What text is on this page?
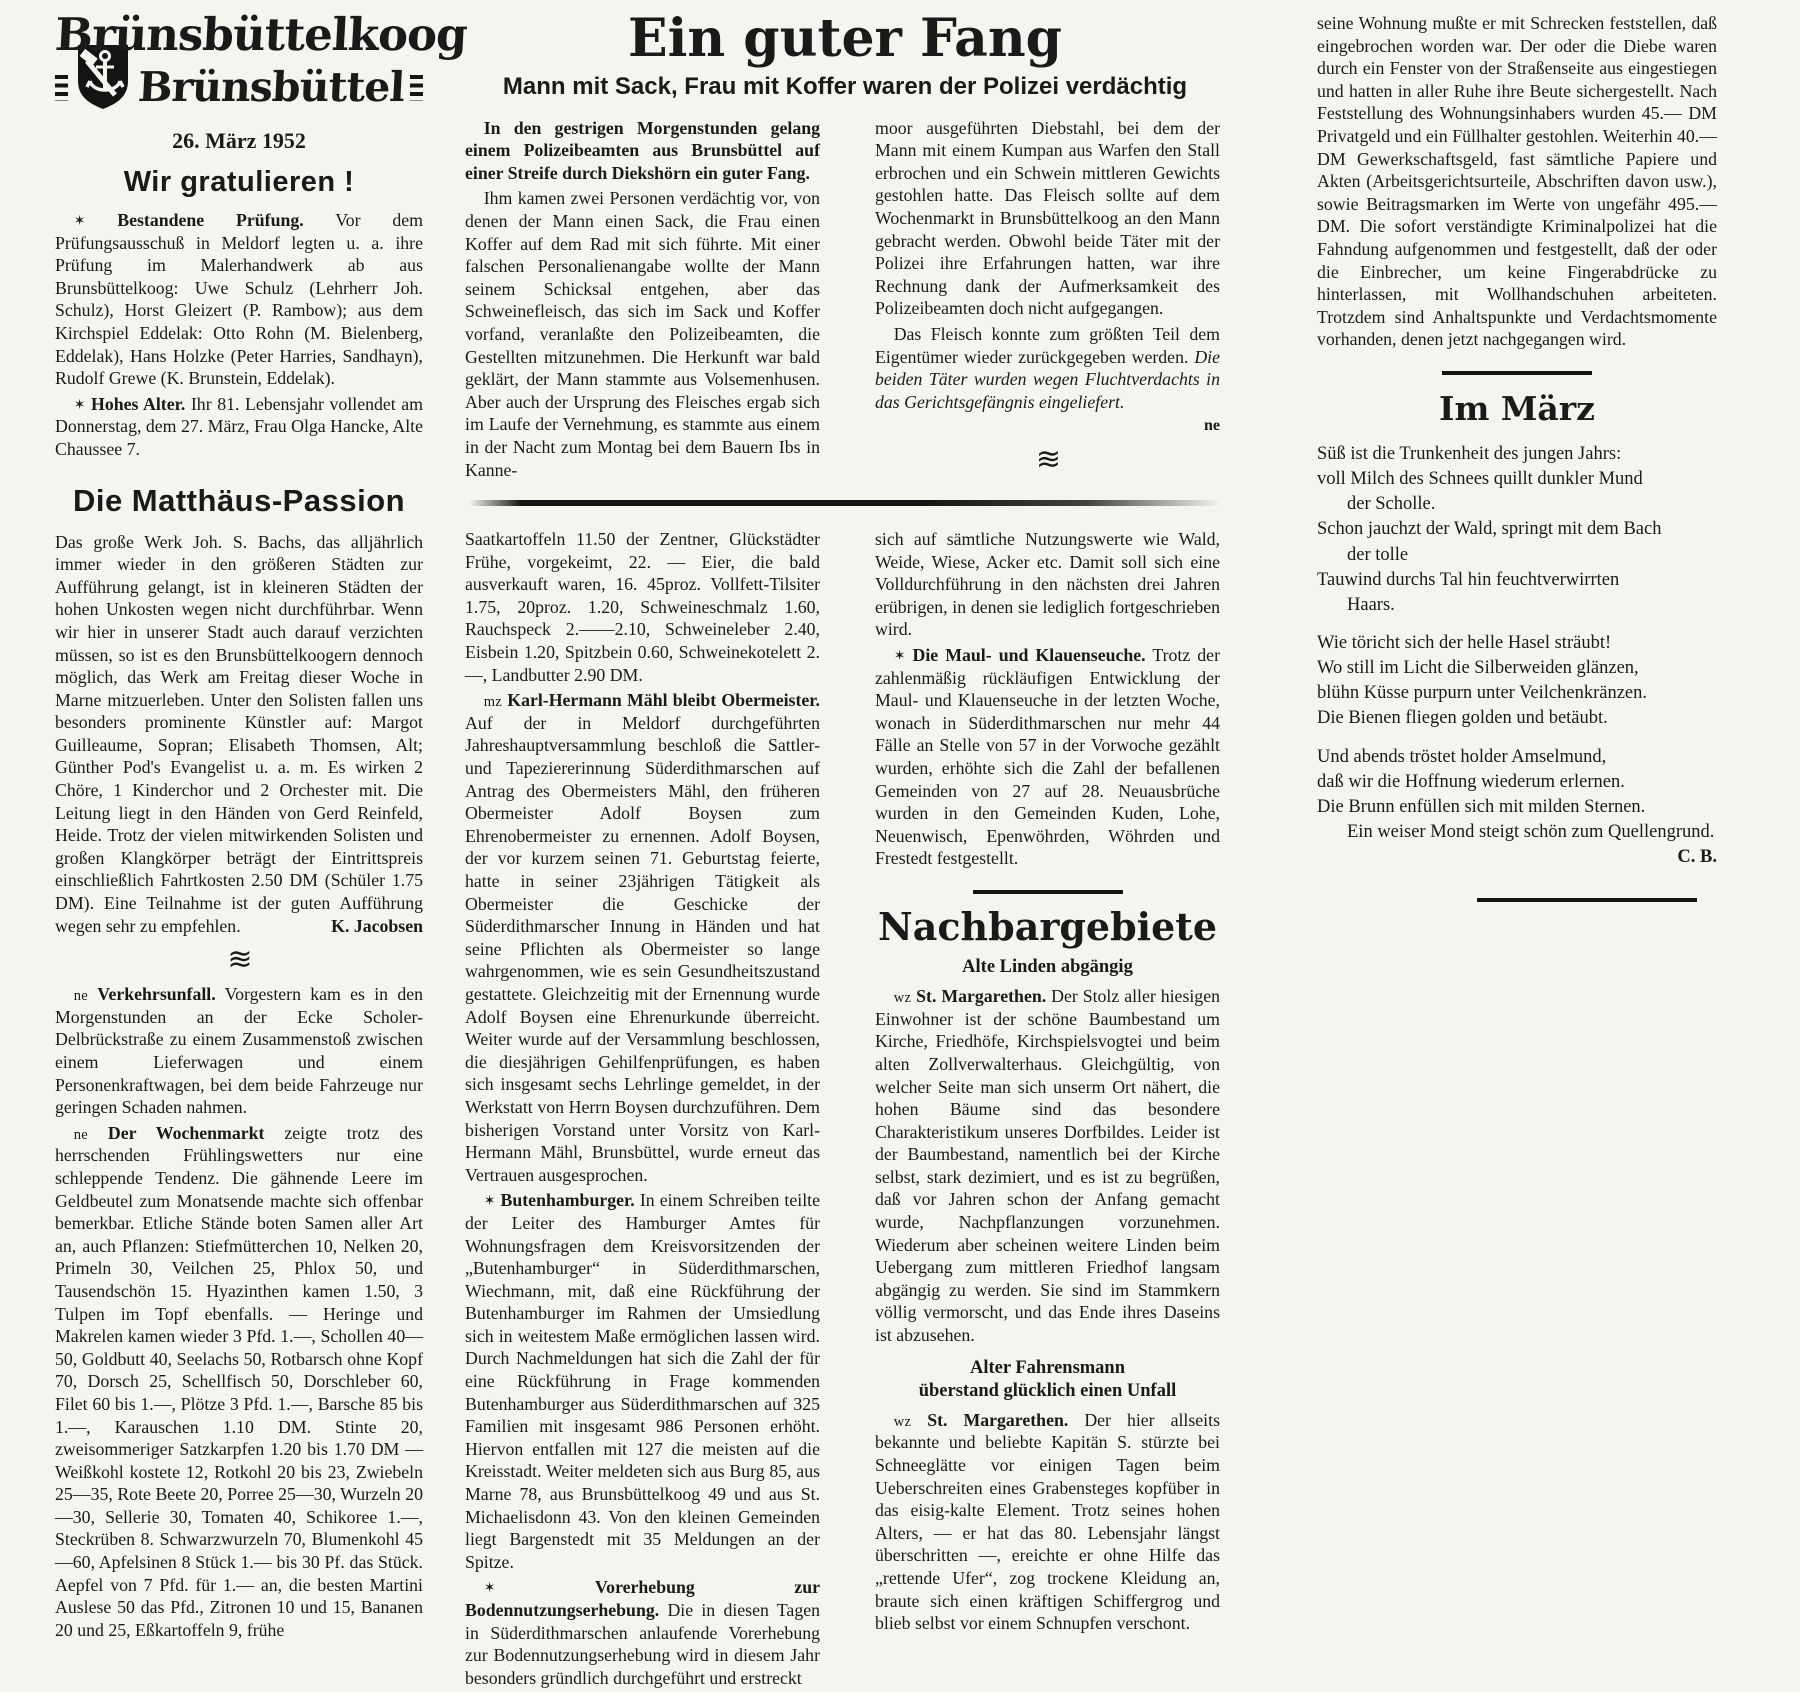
Brünsbüttelkoog
Brünsbüttel
26. März 1952
Wir gratulieren !

✶ Bestandene Prüfung. Vor dem Prüfungsausschuß in Meldorf legten u. a. ihre Prüfung im Malerhandwerk ab aus Brunsbüttelkoog: Uwe Schulz (Lehrherr Joh. Schulz), Horst Gleizert (P. Rambow); aus dem Kirchspiel Eddelak: Otto Rohn (M. Bielenberg, Eddelak), Hans Holzke (Peter Harries, Sandhayn), Rudolf Grewe (K. Brunstein, Eddelak).

✶ Hohes Alter. Ihr 81. Lebensjahr vollendet am Donnerstag, dem 27. März, Frau Olga Hancke, Alte Chaussee 7.

Die Matthäus-Passion

Das große Werk Joh. S. Bachs, das alljährlich immer wieder in den größeren Städten zur Aufführung gelangt, ist in kleineren Städten der hohen Unkosten wegen nicht durchführbar. Wenn wir hier in unserer Stadt auch darauf verzichten müssen, so ist es den Brunsbüttelkoogern dennoch möglich, das Werk am Freitag dieser Woche in Marne mitzuerleben. Unter den Solisten fallen uns besonders prominente Künstler auf: Margot Guilleaume, Sopran; Elisabeth Thomsen, Alt; Günther Pod's Evangelist u. a. m. Es wirken 2 Chöre, 1 Kinderchor und 2 Orchester mit. Die Leitung liegt in den Händen von Gerd Reinfeld, Heide. Trotz der vielen mitwirkenden Solisten und großen Klangkörper beträgt der Eintrittspreis einschließlich Fahrtkosten 2.50 DM (Schüler 1.75 DM). Eine Teilnahme ist der guten Aufführung wegen sehr zu empfehlen.	K. Jacobsen

≋

ne Verkehrsunfall. Vorgestern kam es in den Morgenstunden an der Ecke Scholer-Delbrückstraße zu einem Zusammenstoß zwischen einem Lieferwagen und einem Personenkraftwagen, bei dem beide Fahrzeuge nur geringen Schaden nahmen.

ne Der Wochenmarkt zeigte trotz des herrschenden Frühlingswetters nur eine schleppende Tendenz. Die gähnende Leere im Geldbeutel zum Monatsende machte sich offenbar bemerkbar. Etliche Stände boten Samen aller Art an, auch Pflanzen: Stiefmütterchen 10, Nelken 20, Primeln 30, Veilchen 25, Phlox 50, und Tausendschön 15. Hyazinthen kamen 1.50, 3 Tulpen im Topf ebenfalls. — Heringe und Makrelen kamen wieder 3 Pfd. 1.—, Schollen 40—50, Goldbutt 40, Seelachs 50, Rotbarsch ohne Kopf 70, Dorsch 25, Schellfisch 50, Dorschleber 60, Filet 60 bis 1.—, Plötze 3 Pfd. 1.—, Barsche 85 bis 1.—, Karauschen 1.10 DM. Stinte 20, zweisommeriger Satzkarpfen 1.20 bis 1.70 DM — Weißkohl kostete 12, Rotkohl 20 bis 23, Zwiebeln 25—35, Rote Beete 20, Porree 25—30, Wurzeln 20—30, Sellerie 30, Tomaten 40, Schikoree 1.—, Steckrüben 8. Schwarzwurzeln 70, Blumenkohl 45—60, Apfelsinen 8 Stück 1.— bis 30 Pf. das Stück. Aepfel von 7 Pfd. für 1.— an, die besten Martini Auslese 50 das Pfd., Zitronen 10 und 15, Bananen 20 und 25, Eßkartoffeln 9, frühe

Ein guter Fang
Mann mit Sack, Frau mit Koffer waren der Polizei verdächtig

In den gestrigen Morgenstunden gelang einem Polizeibeamten aus Brunsbüttel auf einer Streife durch Diekshörn ein guter Fang.

Ihm kamen zwei Personen verdächtig vor, von denen der Mann einen Sack, die Frau einen Koffer auf dem Rad mit sich führte. Mit einer falschen Personalienangabe wollte der Mann seinem Schicksal entgehen, aber das Schweinefleisch, das sich im Sack und Koffer vorfand, veranlaßte den Polizeibeamten, die Gestellten mitzunehmen. Die Herkunft war bald geklärt, der Mann stammte aus Volsemenhusen. Aber auch der Ursprung des Fleisches ergab sich im Laufe der Vernehmung, es stammte aus einem in der Nacht zum Montag bei dem Bauern Ibs in Kanne-

moor ausgeführten Diebstahl, bei dem der Mann mit einem Kumpan aus Warfen den Stall erbrochen und ein Schwein mittleren Gewichts gestohlen hatte. Das Fleisch sollte auf dem Wochenmarkt in Brunsbüttelkoog an den Mann gebracht werden. Obwohl beide Täter mit der Polizei ihre Erfahrungen hatten, war ihre Rechnung dank der Aufmerksamkeit des Polizeibeamten doch nicht aufgegangen.

Das Fleisch konnte zum größten Teil dem Eigentümer wieder zurückgegeben werden. Die beiden Täter wurden wegen Fluchtverdachts in das Gerichtsgefängnis eingeliefert.

ne

≋

Saatkartoffeln 11.50 der Zentner, Glückstädter Frühe, vorgekeimt, 22. — Eier, die bald ausverkauft waren, 16. 45proz. Vollfett-Tilsiter 1.75, 20proz. 1.20, Schweineschmalz 1.60, Rauchspeck 2.——2.10, Schweineleber 2.40, Eisbein 1.20, Spitzbein 0.60, Schweinekotelett 2.—, Landbutter 2.90 DM.

mz Karl-Hermann Mähl bleibt Obermeister. Auf der in Meldorf durchgeführten Jahreshauptversammlung beschloß die Sattler- und Tapeziererinnung Süderdithmarschen auf Antrag des Obermeisters Mähl, den früheren Obermeister Adolf Boysen zum Ehrenobermeister zu ernennen. Adolf Boysen, der vor kurzem seinen 71. Geburtstag feierte, hatte in seiner 23jährigen Tätigkeit als Obermeister die Geschicke der Süderdithmarscher Innung in Händen und hat seine Pflichten als Obermeister so lange wahrgenommen, wie es sein Gesundheitszustand gestattete. Gleichzeitig mit der Ernennung wurde Adolf Boysen eine Ehrenurkunde überreicht. Weiter wurde auf der Versammlung beschlossen, die diesjährigen Gehilfenprüfungen, es haben sich insgesamt sechs Lehrlinge gemeldet, in der Werkstatt von Herrn Boysen durchzuführen. Dem bisherigen Vorstand unter Vorsitz von Karl-Hermann Mähl, Brunsbüttel, wurde erneut das Vertrauen ausgesprochen.

✶ Butenhamburger. In einem Schreiben teilte der Leiter des Hamburger Amtes für Wohnungsfragen dem Kreisvorsitzenden der „Butenhamburger“ in Süderdithmarschen, Wiechmann, mit, daß eine Rückführung der Butenhamburger im Rahmen der Umsiedlung sich in weitestem Maße ermöglichen lassen wird. Durch Nachmeldungen hat sich die Zahl der für eine Rückführung in Frage kommenden Butenhamburger aus Süderdithmarschen auf 325 Familien mit insgesamt 986 Personen erhöht. Hiervon entfallen mit 127 die meisten auf die Kreisstadt. Weiter meldeten sich aus Burg 85, aus Marne 78, aus Brunsbüttelkoog 49 und aus St. Michaelisdonn 43. Von den kleinen Gemeinden liegt Bargenstedt mit 35 Meldungen an der Spitze.

✶	Vorerhebung zur Bodennutzungserhebung. Die in diesen Tagen in Süderdithmarschen anlaufende Vorerhebung zur Bodennutzungserhebung wird in diesem Jahr besonders gründlich durchgeführt und erstreckt

sich auf sämtliche Nutzungswerte wie Wald, Weide, Wiese, Acker etc. Damit soll sich eine Volldurchführung in den nächsten drei Jahren erübrigen, in denen sie lediglich fortgeschrieben wird.

✶ Die Maul- und Klauenseuche. Trotz der zahlenmäßig rückläufigen Entwicklung der Maul- und Klauenseuche in der letzten Woche, wonach in Süderdithmarschen nur mehr 44 Fälle an Stelle von 57 in der Vorwoche gezählt wurden, erhöhte sich die Zahl der befallenen Gemeinden von 27 auf 28. Neuausbrüche wurden in den Gemeinden Kuden, Lohe, Neuenwisch, Epenwöhrden, Wöhrden und Frestedt festgestellt.

Nachbargebiete
Alte Linden abgängig

wz St. Margarethen. Der Stolz aller hiesigen Einwohner ist der schöne Baumbestand um Kirche, Friedhöfe, Kirchspielsvogtei und beim alten Zollverwalterhaus. Gleichgültig, von welcher Seite man sich unserm Ort nähert, die hohen Bäume sind das besondere Charakteristikum unseres Dorfbildes. Leider ist der Baumbestand, namentlich bei der Kirche selbst, stark dezimiert, und es ist zu begrüßen, daß vor Jahren schon der Anfang gemacht wurde, Nachpflanzungen vorzunehmen. Wiederum aber scheinen weitere Linden beim Uebergang zum mittleren Friedhof langsam abgängig zu werden. Sie sind im Stammkern völlig vermorscht, und das Ende ihres Daseins ist abzusehen.

Alter Fahrensmann
überstand glücklich einen Unfall

wz St. Margarethen. Der hier allseits bekannte und beliebte Kapitän S. stürzte bei Schneeglätte vor einigen Tagen beim Ueberschreiten eines Grabensteges kopfüber in das eisig-kalte Element. Trotz seines hohen Alters, — er hat das 80. Lebensjahr längst überschritten —, ereichte er ohne Hilfe das „rettende Ufer“, zog trockene Kleidung an, braute sich einen kräftigen Schiffergrog und blieb selbst vor einem Schnupfen verschont.

seine Wohnung mußte er mit Schrecken feststellen, daß eingebrochen worden war. Der oder die Diebe waren durch ein Fenster von der Straßenseite aus eingestiegen und hatten in aller Ruhe ihre Beute sichergestellt. Nach Feststellung des Wohnungsinhabers wurden 45.— DM Privatgeld und ein Füllhalter gestohlen. Weiterhin 40.— DM Gewerkschaftsgeld, fast sämtliche Papiere und Akten (Arbeitsgerichtsurteile, Abschriften davon usw.), sowie Beitragsmarken im Werte von ungefähr 495.— DM. Die sofort verständigte Kriminalpolizei hat die Fahndung aufgenommen und festgestellt, daß der oder die Einbrecher, um keine Fingerabdrücke zu hinterlassen, mit Wollhandschuhen arbeiteten. Trotzdem sind Anhaltspunkte und Verdachtsmomente vorhanden, denen jetzt nachgegangen wird.

Im März

Süß ist die Trunkenheit des jungen Jahrs:

voll Milch des Schnees quillt dunkler Mund

der Scholle.

Schon jauchzt der Wald, springt mit dem Bach

der tolle

Tauwind durchs Tal hin feuchtverwirrten

Haars.

Wie töricht sich der helle Hasel sträubt!

Wo still im Licht die Silberweiden glänzen,

blühn Küsse purpurn unter Veilchenkränzen.

Die Bienen fliegen golden und betäubt.

Und abends tröstet holder Amselmund,

daß wir die Hoffnung wiederum erlernen.

Die Brunn enfüllen sich mit milden Sternen.

Ein weiser Mond steigt schön zum Quellengrund.
C. B.
